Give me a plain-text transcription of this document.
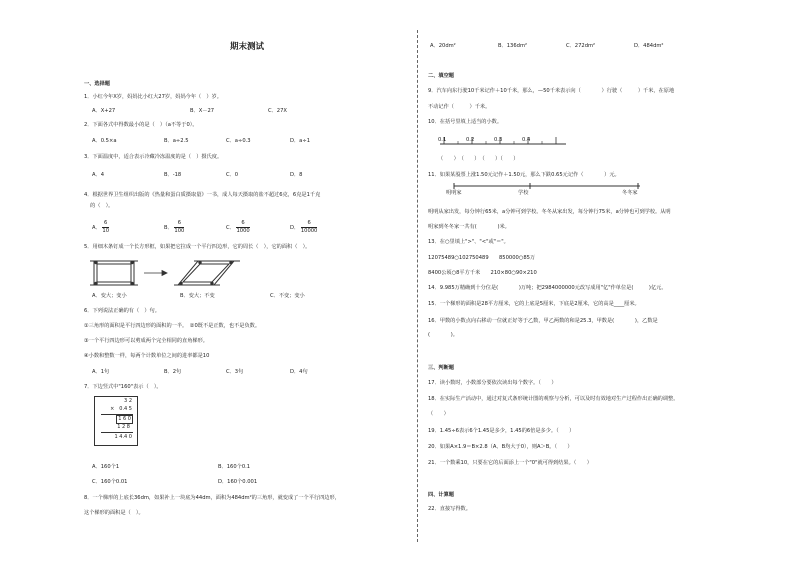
期末测试
一、选择题
1．小红今年X岁，妈妈比小红大27岁，妈妈今年（　）岁。
A．X+27	B．X－27	C．27X
2．下面各式中得数最小的是（　）（a不等于0）。
A．0.5×a	B．a÷2.5	C．a÷0.3	D．a÷1
3．下面温度中，适合表示冷藏冷冻温度的是（　）摄氏度。
A．4	B．-18	C．0	D．8
4．根据世界卫生组织出版的《热量和蛋白质摄取量》一书，成人每天摄取的盐不超过6克，6克是1千克
的（　）。
A． $\frac{6}{10}$	B． $\frac{6}{100}$	C． $\frac{6}{1000}$	D． $\frac{6}{10000}$
5．用细木条钉成一个长方形框，如果把它拉成一个平行四边形，它的周长（　），它的面积（　）。
A．变大；变小	B．变大；不变	C．不变；变小
6．下列说法正确的有（　）句。
①三角形的面积是平行四边形的面积的一半。　②0既不是正数，也不是负数。
③一个平行四边形可以剪成两个完全相同的直角梯形。
④小数和整数一样，每两个计数单位之间的进率都是10
A．1句	B．2句	C．3句	D．4句
7．下边竖式中"160"表示（　）。
3 2
×　0.4 5
1 6 0
1 2 8
1 4.4 0
A．160个1	B．160个0.1
C．160个0.01	D．160个0.001
8．一个梯形的上底长36dm，如果补上一块底为44dm，面积为484dm²的三角形，就变成了一个平行四边形，
这个梯形的面积是（　）。
A．20dm²	B．136dm²	C．272dm²	D．484dm²
二、填空题
9．汽车向东行驶10千米记作＋10千米，那么，—50千米表示向（　　　　）行驶（　　　）千米，在原地
不动记作（　　　）千米。
10．在括号里填上适当的小数。
0.1	0.2	0.3	0.4
（　　）　（　　）　（　　）（　　）
11．如果某股票上涨1.50元记作＋1.50元，那么下跌0.65元记作（　　　　）元。
明明家	学校	冬冬家
明明从家出发，每分钟行65米，a分钟可到学校。冬冬从家出发，每分钟行75米，a分钟也可到学校。从明
明家到冬冬家一共有(　　　　)米。
13．在○里填上">"、"<"或"＝"。
12075489○102750489　　850000○85万
8400公顷○8平方千米　　210×80○90×210
14．9.985万精确到十分位是(　　　　)万吨；把2984000000元改写成用"亿"作单位是(　　　)亿元。
15．一个梯形的面积是28平方厘米，它的上底是5厘米，下底是2厘米，它的高是____厘米。
16．甲数的小数点向右移动一位就正好等于乙数，甲乙两数的和是25.3，甲数是(　　　　)，乙数是
(　　　　)。
三、判断题
17．读小数时，小数部分要依次读出每个数字。（　　）
18．在实际生产活动中，通过对复式条形统计图的观察与分析，可以及时有效地对生产过程作出正确的调整。
（　　）
19．1.45÷6表示6个1.45是多少，1.45的6倍是多少。（　　）
20．如果A×1.9＝B×2.8（A、B均大于0），则A＞B。（　　）
21．一个数乘10，只要在它的后面添上一个"0"就可得到结果。（　　）
四、计算题
22．直接写得数。
